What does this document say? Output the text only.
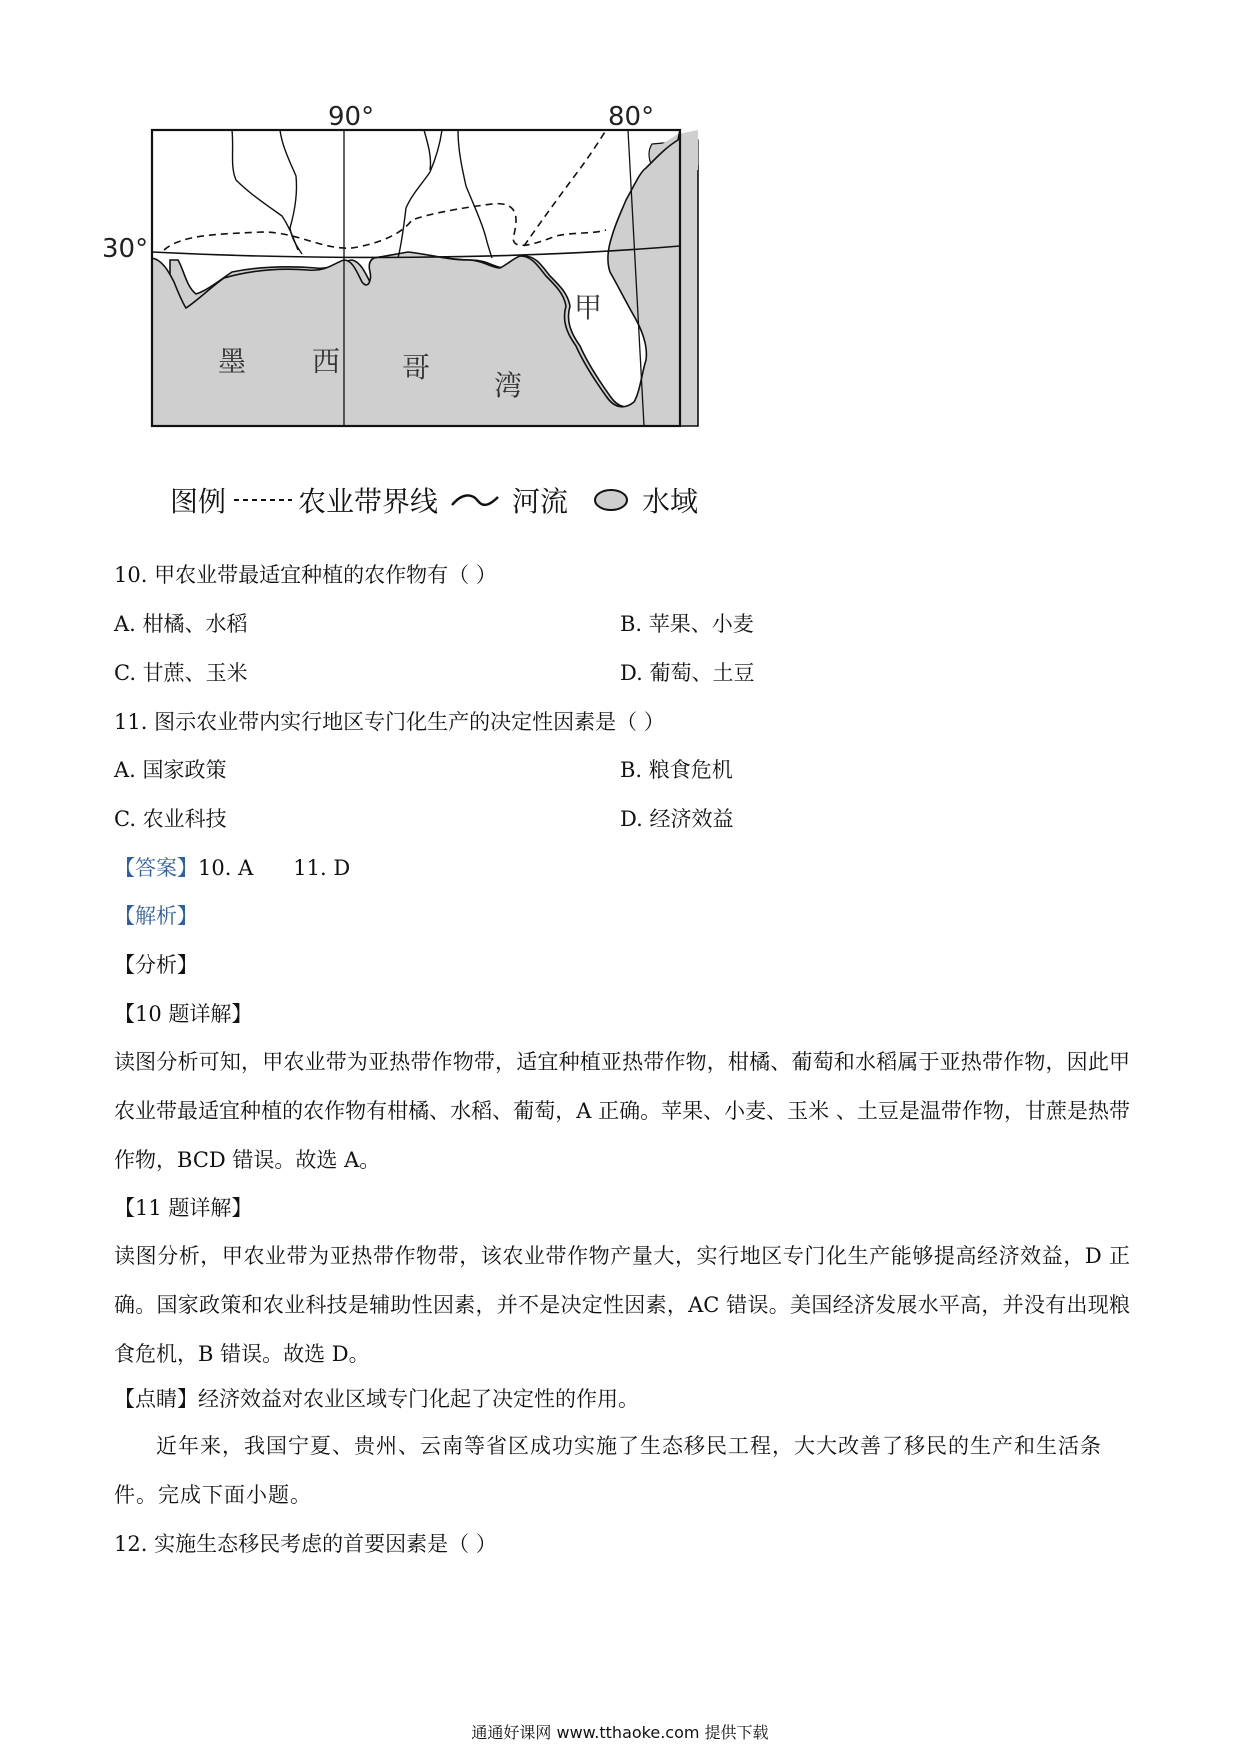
90°	80°
30°
甲
墨 西 哥
湾
图例	农业带界线	河流	水域
10. 甲农业带最适宜种植的农作物有（ ）
A. 柑橘、水稻	B. 苹果、小麦
C. 甘蔗、玉米	D. 葡萄、土豆
11. 图示农业带内实行地区专门化生产的决定性因素是（ ）
A. 国家政策	B. 粮食危机
C. 农业科技	D. 经济效益
【答案】10. A      11. D
【解析】
【分析】
【10 题详解】
读图分析可知，甲农业带为亚热带作物带，适宜种植亚热带作物，柑橘、葡萄和水稻属于亚热带作物，因此甲农业带最适宜种植的农作物有柑橘、水稻、葡萄，A 正确。苹果、小麦、玉米 、土豆是温带作物，甘蔗是热带作物，BCD 错误。故选 A。
【11 题详解】
读图分析，甲农业带为亚热带作物带，该农业带作物产量大，实行地区专门化生产能够提高经济效益，D 正确。国家政策和农业科技是辅助性因素，并不是决定性因素，AC 错误。美国经济发展水平高，并没有出现粮食危机，B 错误。故选 D。
【点睛】经济效益对农业区域专门化起了决定性的作用。
近年来，我国宁夏、贵州、云南等省区成功实施了生态移民工程，大大改善了移民的生产和生活条件。完成下面小题。
12. 实施生态移民考虑的首要因素是（ ）
通通好课网 www.tthaoke.com 提供下载
